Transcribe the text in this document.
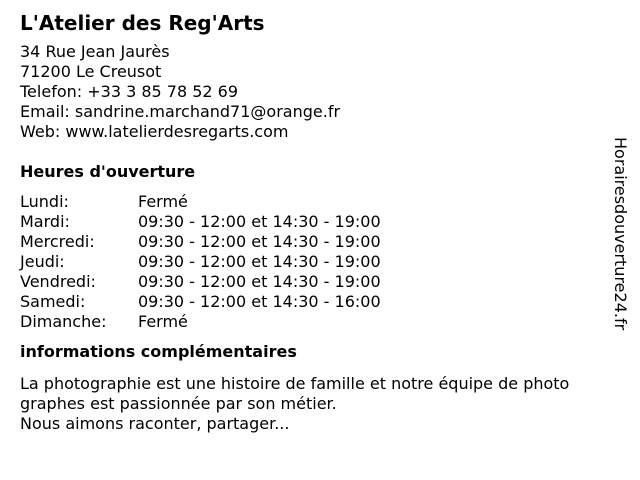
L'Atelier des Reg'Arts
34 Rue Jean Jaurès
71200 Le Creusot
Telefon: +33 3 85 78 52 69
Email: sandrine.marchand71@orange.fr
Web: www.latelierdesregarts.com
Heures d'ouverture
Lundi:	Fermé
Mardi:	09:30 - 12:00 et 14:30 - 19:00
Mercredi:	09:30 - 12:00 et 14:30 - 19:00
Jeudi:	09:30 - 12:00 et 14:30 - 19:00
Vendredi:	09:30 - 12:00 et 14:30 - 19:00
Samedi:	09:30 - 12:00 et 14:30 - 16:00
Dimanche:	Fermé
informations complémentaires

La photographie est une histoire de famille et notre équipe de photo
graphes est passionnée par son métier.
Nous aimons raconter, partager...

Horairesdouverture24.fr
